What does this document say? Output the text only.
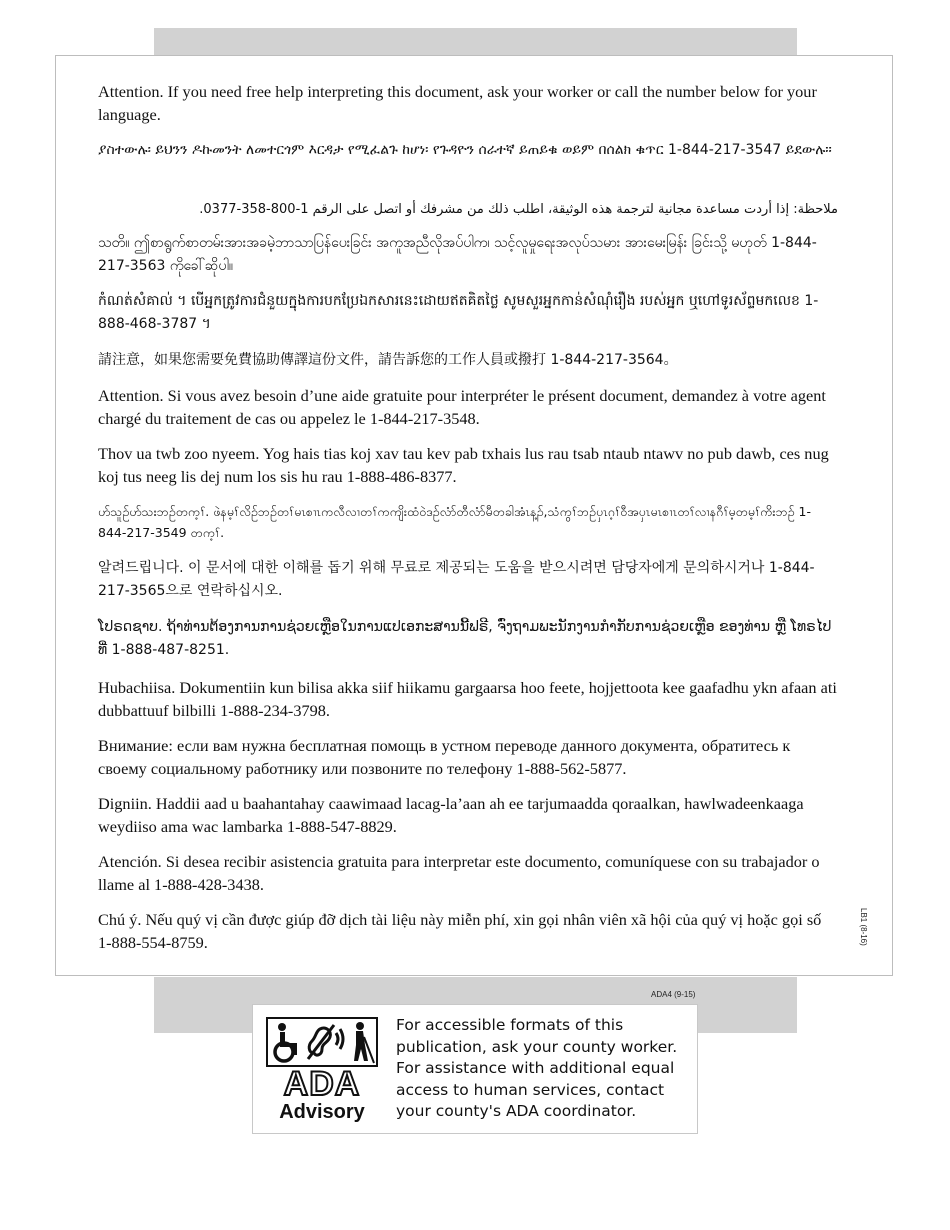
Attention. If you need free help interpreting this document, ask your worker or call the number below for your language.

ያስተውሉ፡ ይህንን ዶኩመንት ለመተርጎም እርዳታ የሚፈልጉ ከሆነ፡ የጉዳዮን ሰራተኛ ይጠይቁ ወይም በሰልክ ቁጥር 1-844-217-3547 ይደውሉ።

ملاحظة: إذا أردت مساعدة مجانية لترجمة هذه الوثيقة، اطلب ذلك من مشرفك أو اتصل على الرقم 1-800-358-0377.

သတိ။ ဤစာရွက်စာတမ်းအားအခမဲ့ဘာသာပြန်ပေးခြင်း အကူအညီလိုအပ်ပါက၊ သင့်လူမှုရေးအလုပ်သမား အားမေးမြန်း ခြင်းသို့ မဟုတ် 1-844-217-3563 ကိုခေါ်ဆိုပါ။

កំណត់សំគាល់ ។ បើអ្នកត្រូវការជំនួយក្នុងការបកប្រែឯកសារនេះដោយឥតគិតថ្លៃ សូមសួរអ្នកកាន់សំណុំរឿង របស់អ្នក ឬហៅទូរស័ព្ទមកលេខ 1-888-468-3787 ។

請注意，如果您需要免費協助傳譯這份文件，請告訴您的工作人員或撥打 1-844-217-3564。

Attention. Si vous avez besoin d’une aide gratuite pour interpréter le présent document, demandez à votre agent chargé du traitement de cas ou appelez le 1-844-217-3548.

Thov ua twb zoo nyeem. Yog hais tias koj xav tau kev pab txhais lus rau tsab ntaub ntawv no pub dawb, ces nug koj tus neeg lis dej num los sis hu rau 1-888-486-8377.

ဟ်သူဉ်ဟ်သးဘဉ်တက့ၢ်. ဖဲနမ့ၢ်လိဉ်ဘဉ်တၢ်မၤစၢၤကလီလၢတၢ်ကကျိးထံဝဲဒဉ်လံာ်တီလံာ်မီတခါအံၤန့ၣ်,သံကွၢ်ဘဉ်ပှၤဂ့ၢ်ဝီအပှၤမၤစၢၤတၢ်လၢနဂီၢ်မ့တမ့ၢ်ကိးဘဉ် 1-844-217-3549 တက့ၢ်.

알려드립니다. 이 문서에 대한 이해를 돕기 위해 무료로 제공되는 도움을 받으시려면 담당자에게 문의하시거나 1-844-217-3565으로 연락하십시오.

ໂປຣດຊາບ. ຖ້າທ່ານຕ້ອງການການຊ່ວຍເຫຼືອໃນການແປເອກະສານນີ້ຟຣີ, ຈົ່ງຖາມພະນັກງານກໍາກັບການຊ່ວຍເຫຼືອ ຂອງທ່ານ ຫຼື ໂທຣໄປທີ່ 1-888-487-8251.

Hubachiisa. Dokumentiin kun bilisa akka siif hiikamu gargaarsa hoo feete, hojjettoota kee gaafadhu ykn afaan ati dubbattuuf bilbilli 1-888-234-3798.

Внимание: если вам нужна бесплатная помощь в устном переводе данного документа, обратитесь к своему социальному работнику или позвоните по телефону 1-888-562-5877.

Digniin. Haddii aad u baahantahay caawimaad lacag-la’aan ah ee tarjumaadda qoraalkan, hawlwadeenkaaga weydiiso ama wac lambarka 1-888-547-8829.

Atención. Si desea recibir asistencia gratuita para interpretar este documento, comuníquese con su trabajador o llame al 1-888-428-3438.

Chú ý. Nếu quý vị cần được giúp đỡ dịch tài liệu này miễn phí, xin gọi nhân viên xã hội của quý vị hoặc gọi số 1-888-554-8759.	LB1 (8-16)
ADA4 (9-15)
ADA
Advisory
For accessible formats of this publication, ask your county worker. For assistance with additional equal access to human services, contact your county's ADA coordinator.
